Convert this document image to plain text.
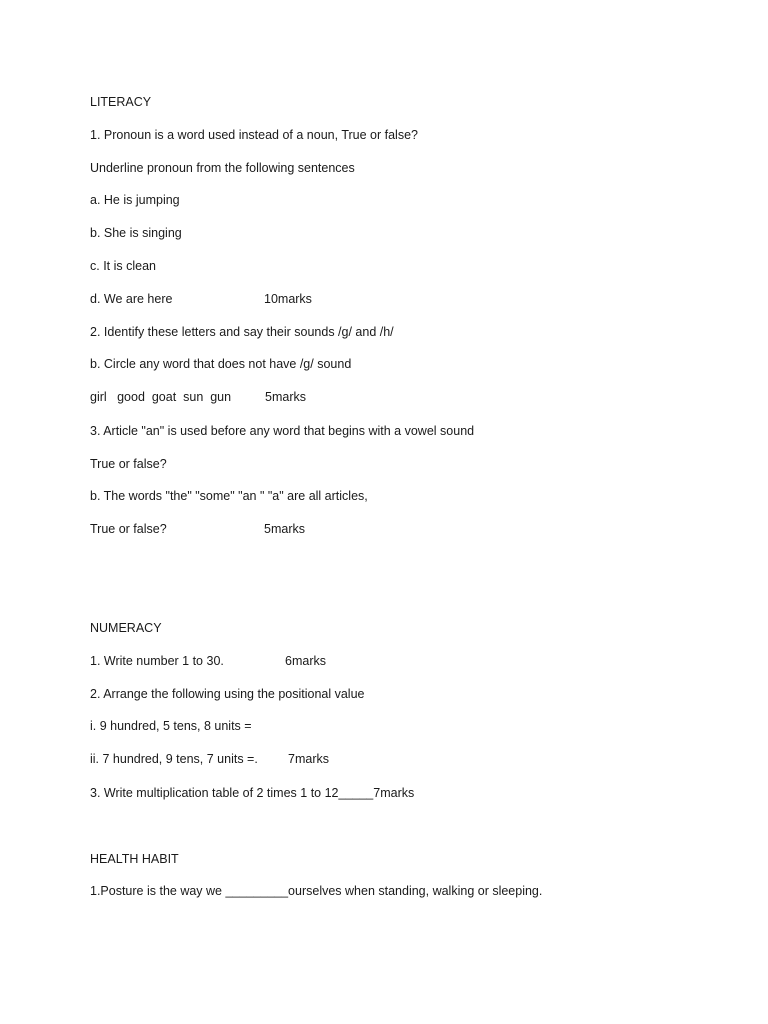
LITERACY
1. Pronoun is a word used instead of a noun, True or false?
Underline pronoun from the following sentences
a. He is jumping
b. She is singing
c. It is clean
d. We are here	10marks
2. Identify these letters and say their sounds /g/ and /h/
b. Circle any word that does not have /g/ sound
girl   good  goat  sun  gun	5marks
3. Article "an" is used before any word that begins with a vowel sound
True or false?
b. The words "the" "some" "an " "a" are all articles,
True or false?	5marks
NUMERACY
1. Write number 1 to 30.	6marks
2. Arrange the following using the positional value
i. 9 hundred, 5 tens, 8 units =
ii. 7 hundred, 9 tens, 7 units =. 7marks
3. Write multiplication table of 2 times 1 to 12_____7marks
HEALTH HABIT
1.Posture is the way we _________ourselves when standing, walking or sleeping.
